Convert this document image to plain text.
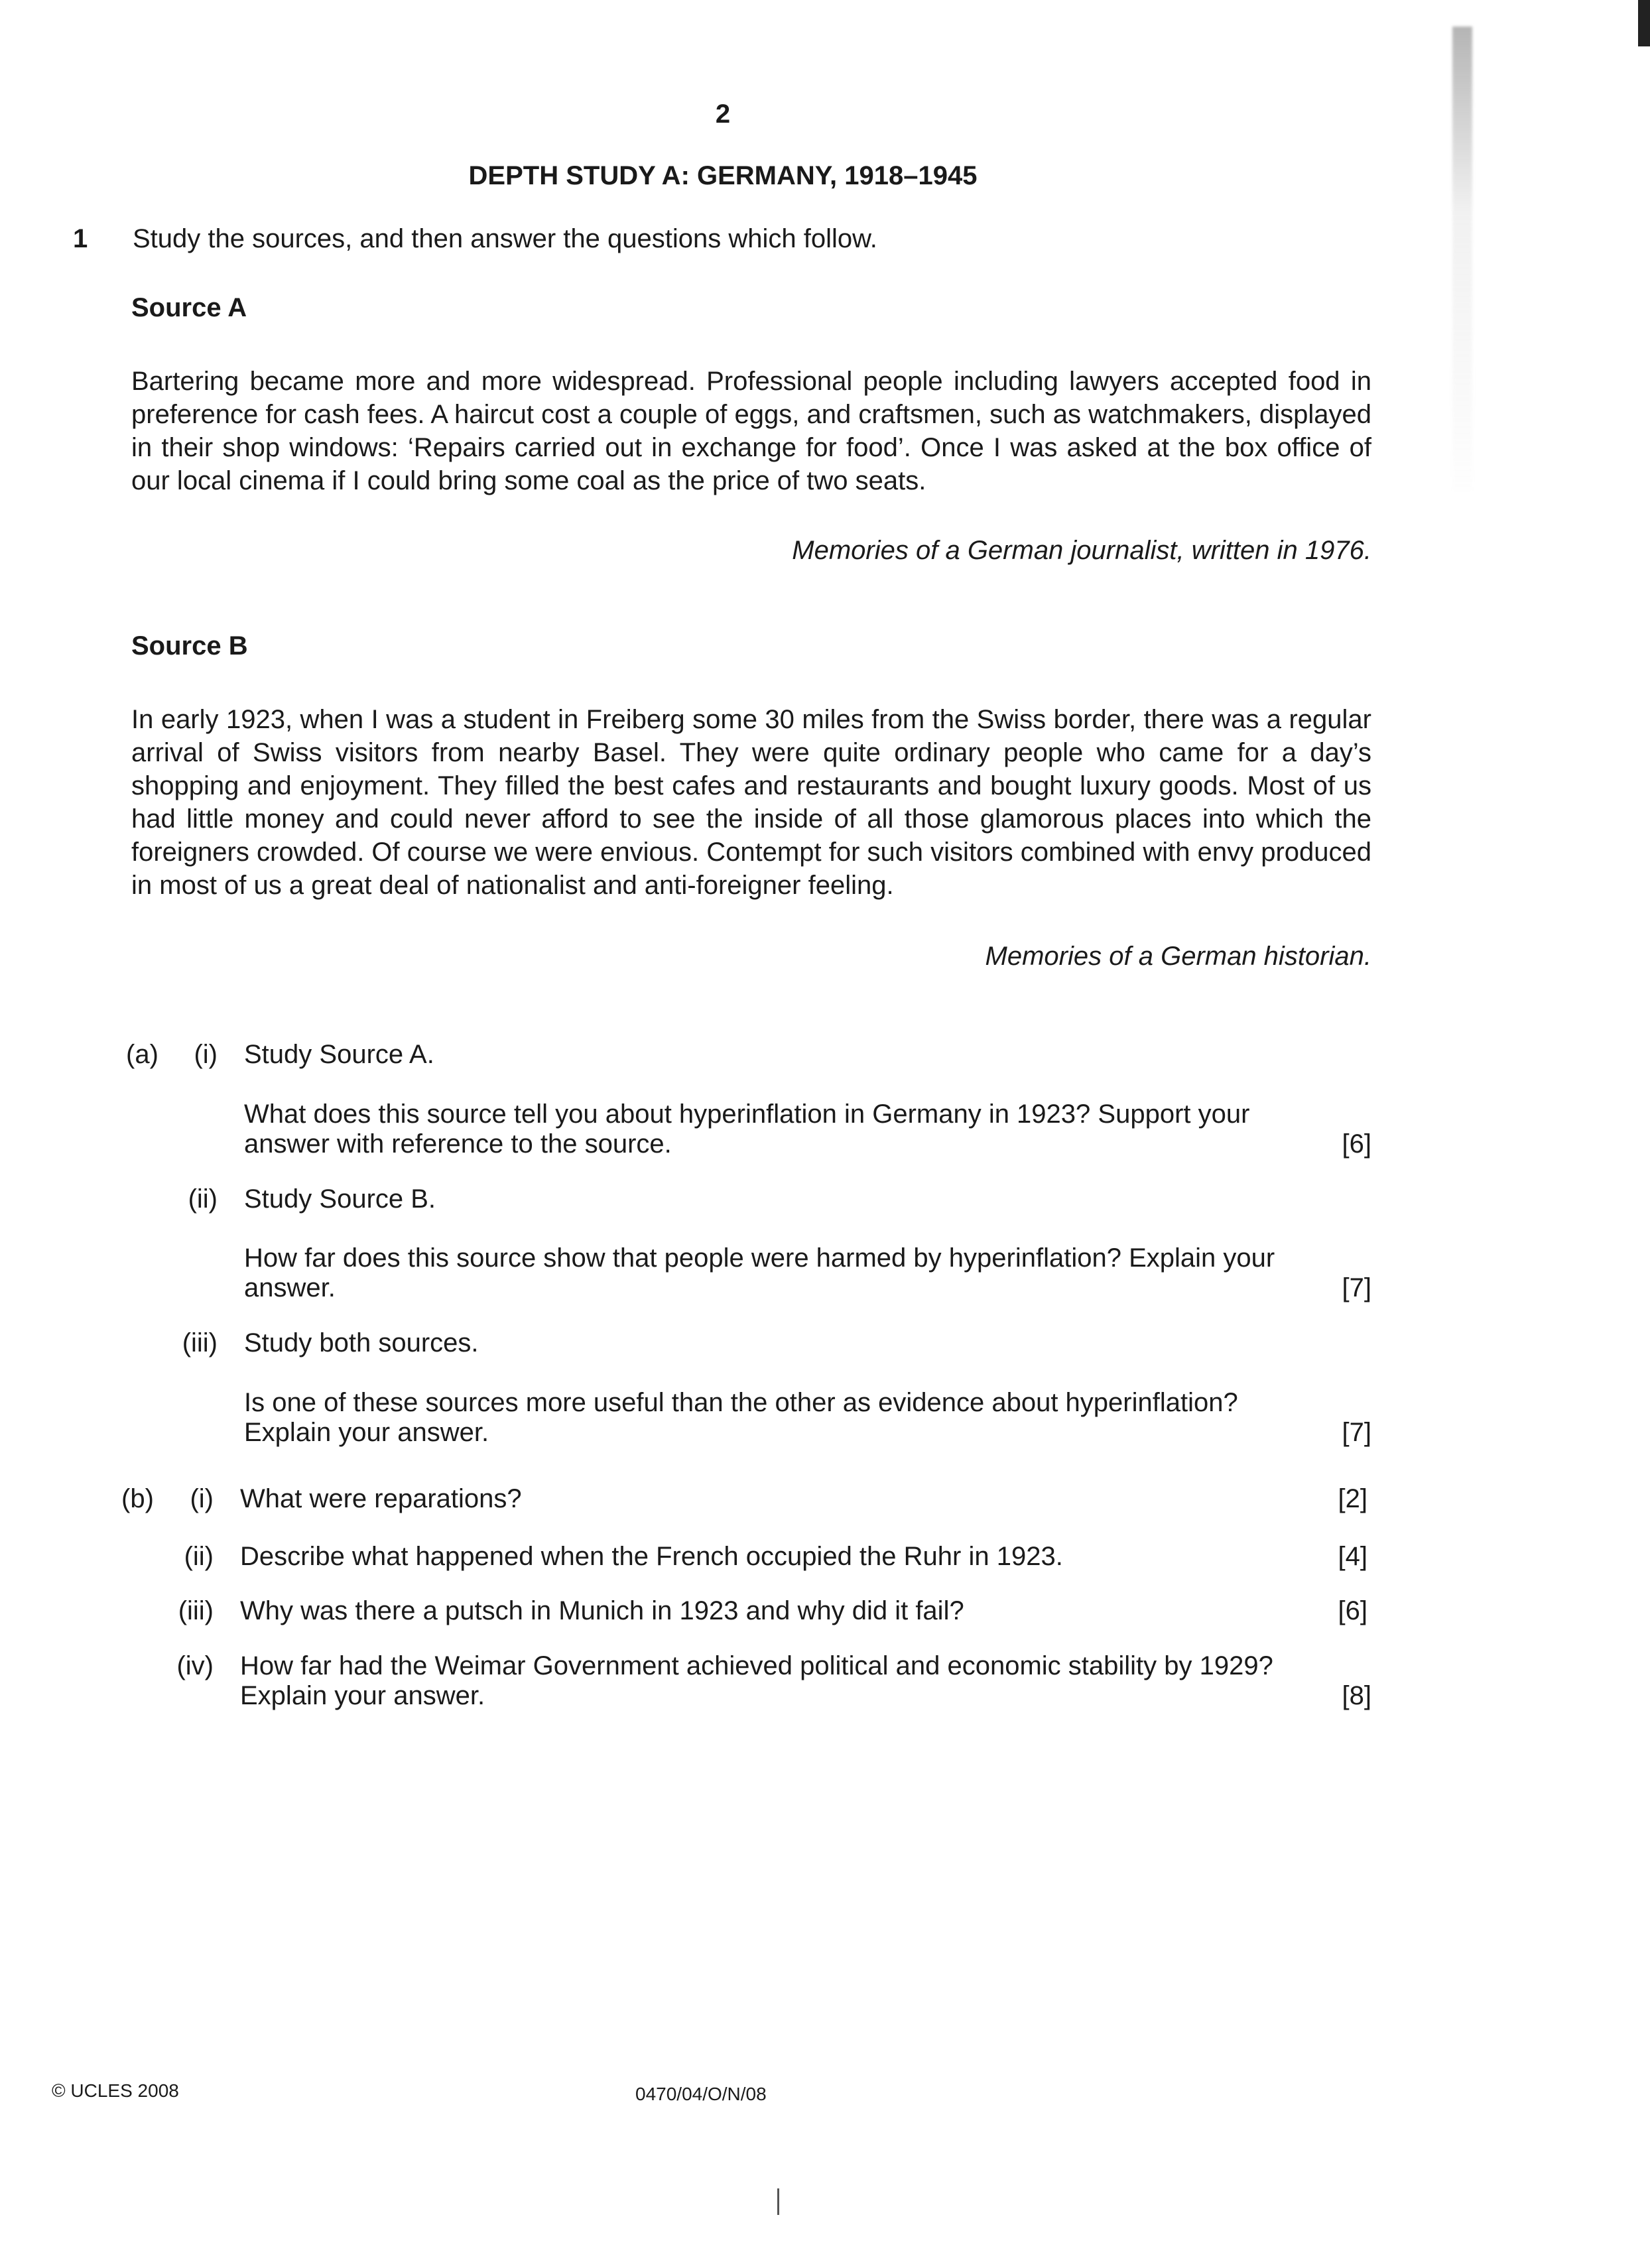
2
DEPTH STUDY A: GERMANY, 1918–1945
1 Study the sources, and then answer the questions which follow.
Source A
Bartering became more and more widespread. Professional people including lawyers accepted food in preference for cash fees. A haircut cost a couple of eggs, and craftsmen, such as watchmakers, displayed in their shop windows: ‘Repairs carried out in exchange for food’. Once I was asked at the box office of our local cinema if I could bring some coal as the price of two seats.
Memories of a German journalist, written in 1976.
Source B
In early 1923, when I was a student in Freiberg some 30 miles from the Swiss border, there was a regular arrival of Swiss visitors from nearby Basel. They were quite ordinary people who came for a day’s shopping and enjoyment. They filled the best cafes and restaurants and bought luxury goods. Most of us had little money and could never afford to see the inside of all those glamorous places into which the foreigners crowded. Of course we were envious. Contempt for such visitors combined with envy produced in most of us a great deal of nationalist and anti-foreigner feeling.
Memories of a German historian.
(a)	(i) Study Source A.
What does this source tell you about hyperinflation in Germany in 1923? Support your
answer with reference to the source.	[6]
(ii) Study Source B.
How far does this source show that people were harmed by hyperinflation? Explain your
answer.	[7]
(iii) Study both sources.
Is one of these sources more useful than the other as evidence about hyperinflation?
Explain your answer.	[7]
(b)	(i) What were reparations?	[2]
(ii) Describe what happened when the French occupied the Ruhr in 1923.	[4]
(iii) Why was there a putsch in Munich in 1923 and why did it fail?	[6]
(iv) How far had the Weimar Government achieved political and economic stability by 1929?
Explain your answer.	[8]
© UCLES 2008	0470/04/O/N/08
